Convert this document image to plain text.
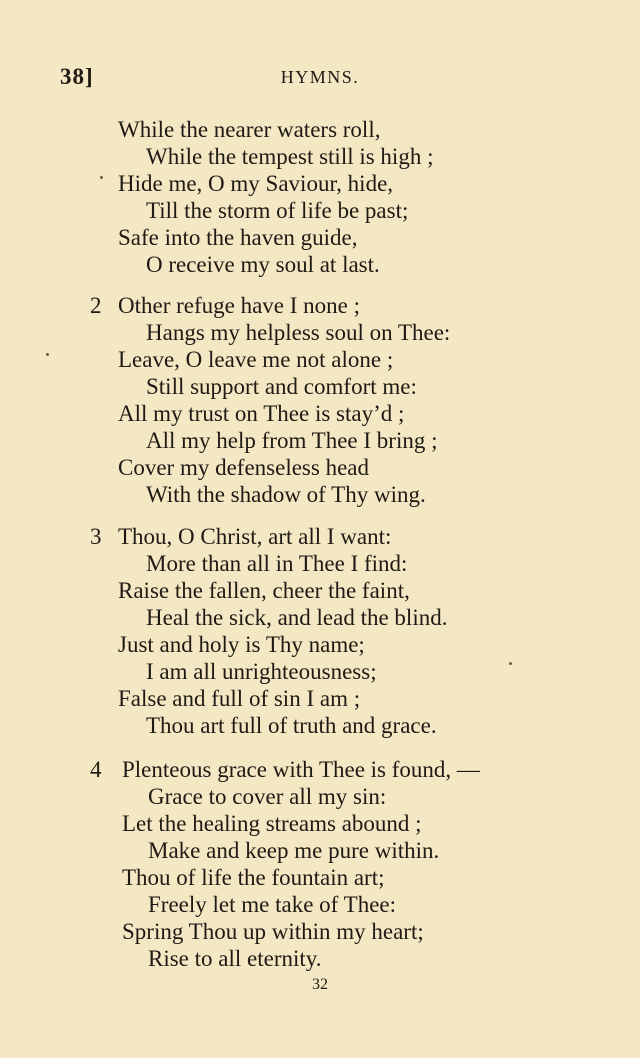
38]	HYMNS.
While the nearer waters roll,
While the tempest still is high ;
Hide me, O my Saviour, hide,
Till the storm of life be past;
Safe into the haven guide,
O receive my soul at last.
2 Other refuge have I none ;
Hangs my helpless soul on Thee:
Leave, O leave me not alone ;
Still support and comfort me:
All my trust on Thee is stay’d ;
All my help from Thee I bring ;
Cover my defenseless head
With the shadow of Thy wing.
3 Thou, O Christ, art all I want:
More than all in Thee I find:
Raise the fallen, cheer the faint,
Heal the sick, and lead the blind.
Just and holy is Thy name;
I am all unrighteousness;
False and full of sin I am ;
Thou art full of truth and grace.
4 Plenteous grace with Thee is found, —
Grace to cover all my sin:
Let the healing streams abound ;
Make and keep me pure within.
Thou of life the fountain art;
Freely let me take of Thee:
Spring Thou up within my heart;
Rise to all eternity.
32
